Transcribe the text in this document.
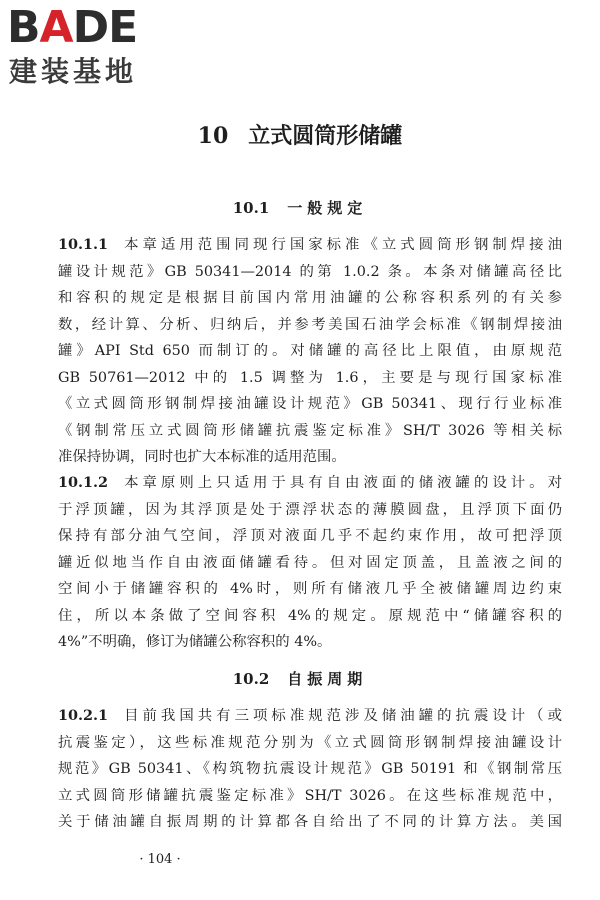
BADE
建装基地
10 立式圆筒形储罐
10.1 一般规定
10.1.1 本章适用范围同现行国家标准《立式圆筒形钢制焊接油
罐设计规范》GB 50341—2014 的第 1.0.2 条。本条对储罐高径比
和容积的规定是根据目前国内常用油罐的公称容积系列的有关参
数，经计算、分析、归纳后，并参考美国石油学会标准《钢制焊接油
罐》API Std 650 而制订的。对储罐的高径比上限值，由原规范
GB 50761—2012 中的 1.5 调整为 1.6，主要是与现行国家标准
《立式圆筒形钢制焊接油罐设计规范》GB 50341、现行行业标准
《钢制常压立式圆筒形储罐抗震鉴定标准》SH/T 3026 等相关标
准保持协调，同时也扩大本标准的适用范围。
10.1.2 本章原则上只适用于具有自由液面的储液罐的设计。对
于浮顶罐，因为其浮顶是处于漂浮状态的薄膜圆盘，且浮顶下面仍
保持有部分油气空间，浮顶对液面几乎不起约束作用，故可把浮顶
罐近似地当作自由液面储罐看待。但对固定顶盖，且盖液之间的
空间小于储罐容积的 4%时，则所有储液几乎全被储罐周边约束
住，所以本条做了空间容积 4%的规定。原规范中“储罐容积的
4%”不明确，修订为储罐公称容积的 4%。
10.2 自振周期
10.2.1 目前我国共有三项标准规范涉及储油罐的抗震设计（或
抗震鉴定），这些标准规范分别为《立式圆筒形钢制焊接油罐设计
规范》GB 50341、《构筑物抗震设计规范》GB 50191 和《钢制常压
立式圆筒形储罐抗震鉴定标准》SH/T 3026。在这些标准规范中，
关于储油罐自振周期的计算都各自给出了不同的计算方法。美国
· 104 ·
